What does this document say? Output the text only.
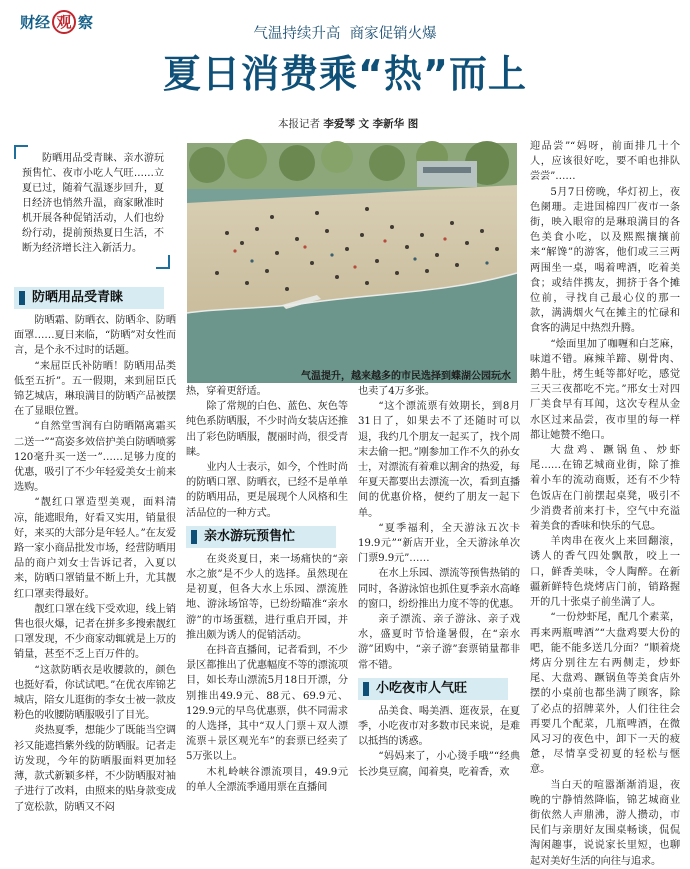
财经 观 察
气温持续升高  商家促销火爆
夏日消费乘“热”而上
本报记者 李爱琴 文 李新华 图

防晒用品受青睐、亲水游玩预售忙、夜市小吃人气旺……立夏已过，随着气温逐步回升，夏日经济也悄然升温，商家瞅准时机开展各种促销活动，人们也纷纷行动，提前预热夏日生活，不断为经济增长注入新活力。

气温提升，越来越多的市民选择到蝶湖公园玩水
防晒用品受青睐

防晒霜、防晒衣、防晒伞、防晒面罩……夏日来临，“防晒”对女性而言，是个永不过时的话题。

“来屈臣氏补防晒！防晒用品类低至五折”。五一假期，来到屈臣氏锦艺城店，琳琅满目的防晒产品被摆在了显眼位置。

“自然堂雪润有白防晒隔离霜买二送一”“高姿多效倍护美白防晒喷雾120毫升买一送一”……足够力度的优惠，吸引了不少年轻爱美女士前来选购。

“靓红口罩造型美观，面料清凉，能遮眼角，好看又实用，销量很好，来买的大部分是年轻人。”在友爱路一家小商品批发市场，经营防晒用品的商户刘女士告诉记者，入夏以来，防晒口罩销量不断上升，尤其靓红口罩卖得最好。

靓红口罩在线下受欢迎，线上销售也很火爆，记者在拼多多搜索靓红口罩发现，不少商家动辄就是上万的销量，甚至不乏上百万件的。

“这款防晒衣是收腰款的，颜色也挺好看，你试试吧。”在优衣库锦艺城店，陪女儿逛街的李女士被一款皮粉色的收腰防晒服吸引了目光。

炎热夏季，想能少了既能当空调衫又能遮挡紫外线的防晒服。记者走访发现，今年的防晒服面料更加轻薄，款式新颖多样，不少防晒服对袖子进行了改料，由照来的贴身款变成了宽松款，防晒又不闷

热，穿着更舒适。

除了常规的白色、蓝色、灰色等纯色系防晒服，不少时尚女装店还推出了彩色防晒服，靓丽时尚，很受青睐。

业内人士表示，如今，个性时尚的防晒口罩、防晒衣，已经不是单单的防晒用品，更是展现个人风格和生活品位的一种方式。

亲水游玩预售忙

在炎炎夏日，来一场痛快的“亲水之旅”是不少人的选择。虽然现在是初夏，但各大水上乐园、漂流胜地、游泳场馆等，已纷纷瞄准“亲水游”的市场蛋糕，进行重启开园，并推出颇为诱人的促销活动。

在抖音直播间，记者看到，不少景区都推出了优惠幅度不等的漂流项目，如长寿山漂流5月18日开漂，分别推出49.9元、88元、69.9元、129.9元的早鸟优惠票，供不同需求的人选择，其中“双人门票＋双人漂流票＋景区观光车”的套票已经卖了5万张以上。

木札岭峡谷漂流项目，49.9元的单人全漂流季通用票在直播间

也卖了4万多张。

“这个漂流票有效期长，到8月31日了，如果去不了还随时可以退，我约几个朋友一起买了，找个周末去偷一把。”刚参加工作不久的孙女士，对漂流有着难以割舍的热爱，每年夏天都要出去漂流一次，看到直播间的优惠价格，便约了朋友一起下单。

“夏季福利，全天游泳五次卡19.9元”“新店开业，全天游泳单次门票9.9元”……

在水上乐园、漂流等预售热销的同时，各游泳馆也抓住夏季亲水高峰的窗口，纷纷推出力度不等的优惠。

亲子漂流、亲子游泳、亲子戏水，盛夏时节恰逢暑假，在“亲水游”团购中，“亲子游”套票销量都非常不错。

小吃夜市人气旺

品美食、喝美酒、逛夜景，在夏季，小吃夜市对多数市民来说，是难以抵挡的诱惑。

“妈妈来了，小心烫手哦”“经典长沙臭豆腐，闻着臭，吃着香，欢

迎品尝”“妈呀，前面排几十个人，应该很好吃，要不咱也排队尝尝”……

5月7日傍晚，华灯初上，夜色阑珊。走进国棉四厂夜市一条街，映入眼帘的是琳琅满目的各色美食小吃，以及熙熙攘攘前来“解馋”的游客，他们或三三两两围坐一桌，喝着啤酒，吃着美食；或结伴携友，拥挤于各个摊位前，寻找自己最心仪的那一款，满满烟火气在摊主的忙碌和食客的满足中热烈升腾。

“烩面里加了咖喱和白芝麻，味道不错。麻辣羊蹄、剔骨肉、鹅牛肚，烤生蚝等都好吃，感觉三天三夜都吃不完。”邢女士对四厂美食早有耳闻，这次专程从金水区过来品尝，夜市里的每一样都让她赞不绝口。

大盘鸡、蹶锅鱼、炒虾尾……在锦艺城商业街，除了推着小车的流动商贩，还有不少特色饭店在门前摆起桌凳，吸引不少消费者前来打卡，空气中充溢着美食的香味和快乐的气息。

羊肉串在夜火上来回翻滚，诱人的香气四处飘散，咬上一口，鲜香美味，令人陶醉。在新疆新鲜特色烧烤店门前，销路握开的几十张桌子前坐满了人。

“一份炒虾尾，配几个素菜，再来两瓶啤酒”“大盘鸡要大份的吧，能不能多送几分面？”顺着烧烤店分别往左右两侧走，炒虾尾、大盘鸡、蹶锅鱼等美食店外摆的小桌前也都坐满了顾客，除了必点的招牌菜外，人们往往会再要几个配菜，几瓶啤酒，在微风习习的夜色中，卸下一天的疲惫，尽情享受初夏的轻松与惬意。

当白天的喧嚣渐渐消退，夜晚的宁静悄然降临，锦艺城商业街依然人声鼎沸，游人攒动，市民们与亲朋好友围桌畅谈，侃侃淘闲趣事，说说家长里短，也聊起对美好生活的向往与追求。
